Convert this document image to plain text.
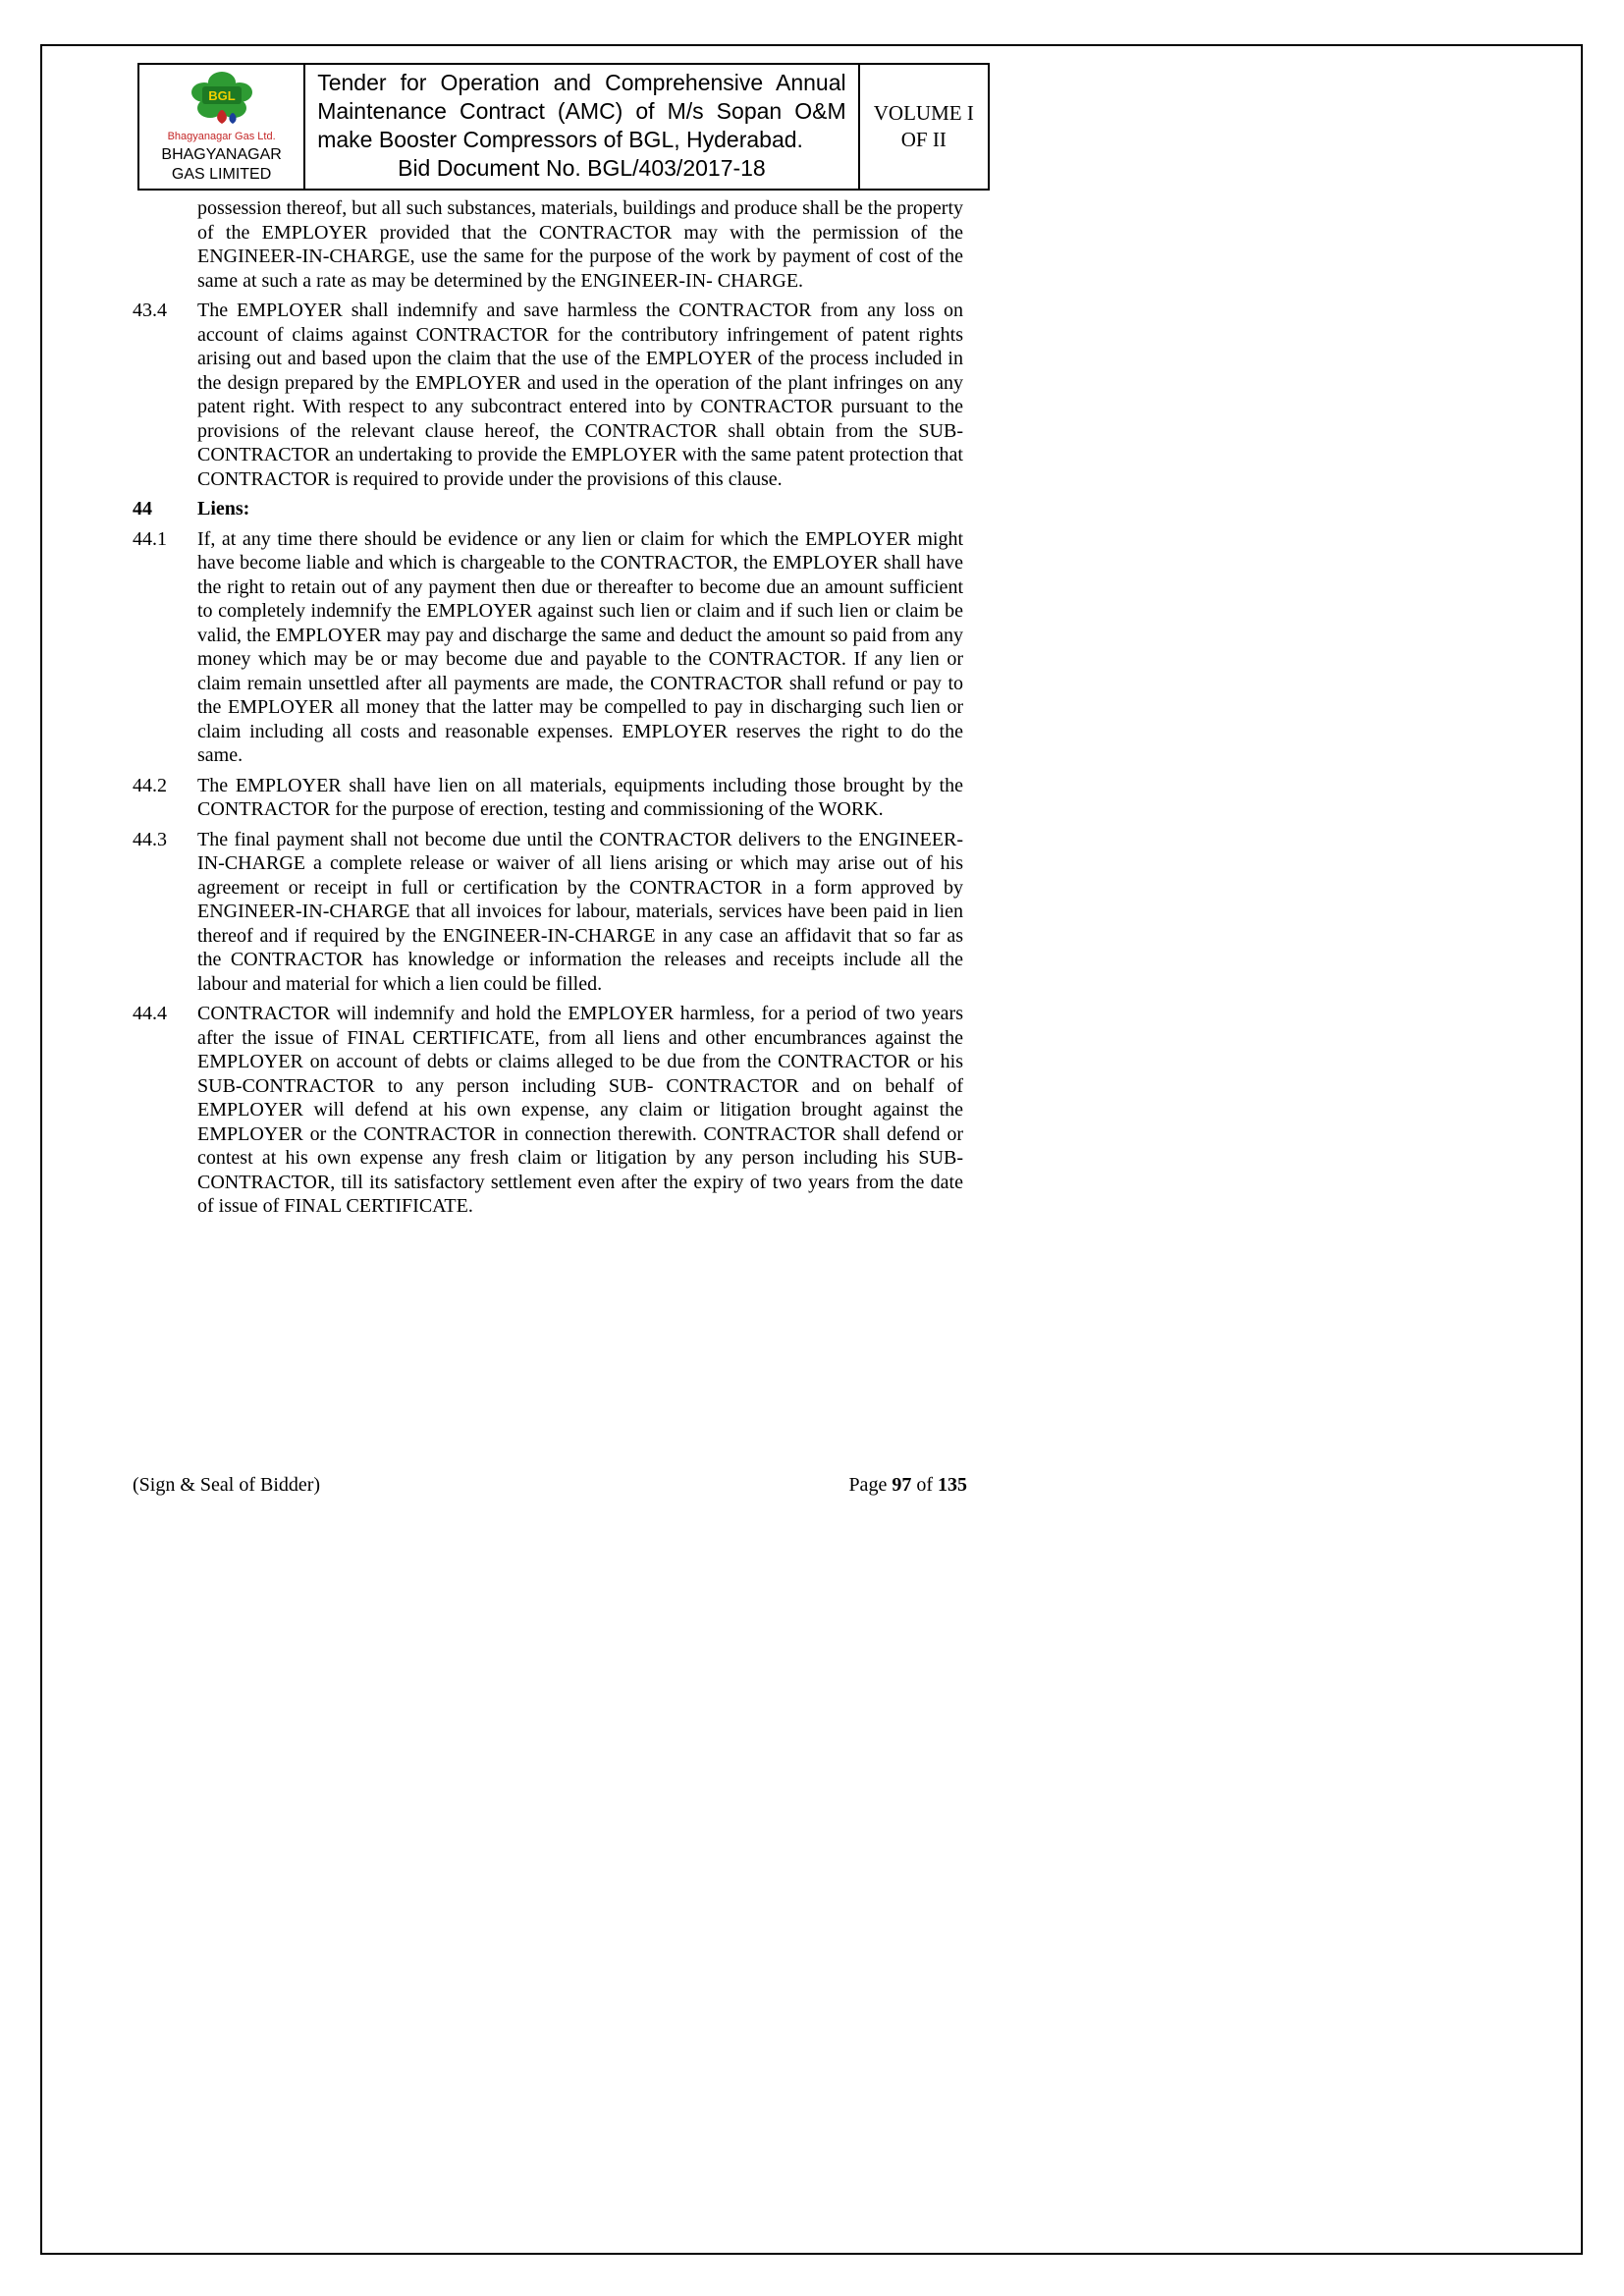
BGL
Bhagyanagar Gas Ltd.
BHAGYANAGAR GAS LIMITED
Tender for Operation and Comprehensive Annual Maintenance Contract (AMC) of M/s Sopan O&M make Booster Compressors of BGL, Hyderabad.
Bid Document No. BGL/403/2017-18
VOLUME I
OF II
possession thereof, but all such substances, materials, buildings and produce shall be the property of the EMPLOYER provided that the CONTRACTOR may with the permission of the ENGINEER-IN-CHARGE, use the same for the purpose of the work by payment of cost of the same at such a rate as may be determined by the ENGINEER-IN- CHARGE.
43.4	The EMPLOYER shall indemnify and save harmless the CONTRACTOR from any loss on account of claims against CONTRACTOR for the contributory infringement of patent rights arising out and based upon the claim that the use of the EMPLOYER of the process included in the design prepared by the EMPLOYER and used in the operation of the plant infringes on any patent right. With respect to any subcontract entered into by CONTRACTOR pursuant to the provisions of the relevant clause hereof, the CONTRACTOR shall obtain from the SUB-CONTRACTOR an undertaking to provide the EMPLOYER with the same patent protection that CONTRACTOR is required to provide under the provisions of this clause.
44	Liens:
44.1	If, at any time there should be evidence or any lien or claim for which the EMPLOYER might have become liable and which is chargeable to the CONTRACTOR, the EMPLOYER shall have the right to retain out of any payment then due or thereafter to become due an amount sufficient to completely indemnify the EMPLOYER against such lien or claim and if such lien or claim be valid, the EMPLOYER may pay and discharge the same and deduct the amount so paid from any money which may be or may become due and payable to the CONTRACTOR. If any lien or claim remain unsettled after all payments are made, the CONTRACTOR shall refund or pay to the EMPLOYER all money that the latter may be compelled to pay in discharging such lien or claim including all costs and reasonable expenses. EMPLOYER reserves the right to do the same.
44.2	The EMPLOYER shall have lien on all materials, equipments including those brought by the CONTRACTOR for the purpose of erection, testing and commissioning of the WORK.
44.3	The final payment shall not become due until the CONTRACTOR delivers to the ENGINEER-IN-CHARGE a complete release or waiver of all liens arising or which may arise out of his agreement or receipt in full or certification by the CONTRACTOR in a form approved by ENGINEER-IN-CHARGE that all invoices for labour, materials, services have been paid in lien thereof and if required by the ENGINEER-IN-CHARGE in any case an affidavit that so far as the CONTRACTOR has knowledge or information the releases and receipts include all the labour and material for which a lien could be filled.
44.4	CONTRACTOR will indemnify and hold the EMPLOYER harmless, for a period of two years after the issue of FINAL CERTIFICATE, from all liens and other encumbrances against the EMPLOYER on account of debts or claims alleged to be due from the CONTRACTOR or his SUB-CONTRACTOR to any person including SUB- CONTRACTOR and on behalf of EMPLOYER will defend at his own expense, any claim or litigation brought against the EMPLOYER or the CONTRACTOR in connection therewith. CONTRACTOR shall defend or contest at his own expense any fresh claim or litigation by any person including his SUB-CONTRACTOR, till its satisfactory settlement even after the expiry of two years from the date of issue of FINAL CERTIFICATE.
(Sign & Seal of Bidder)	Page 97 of 135
